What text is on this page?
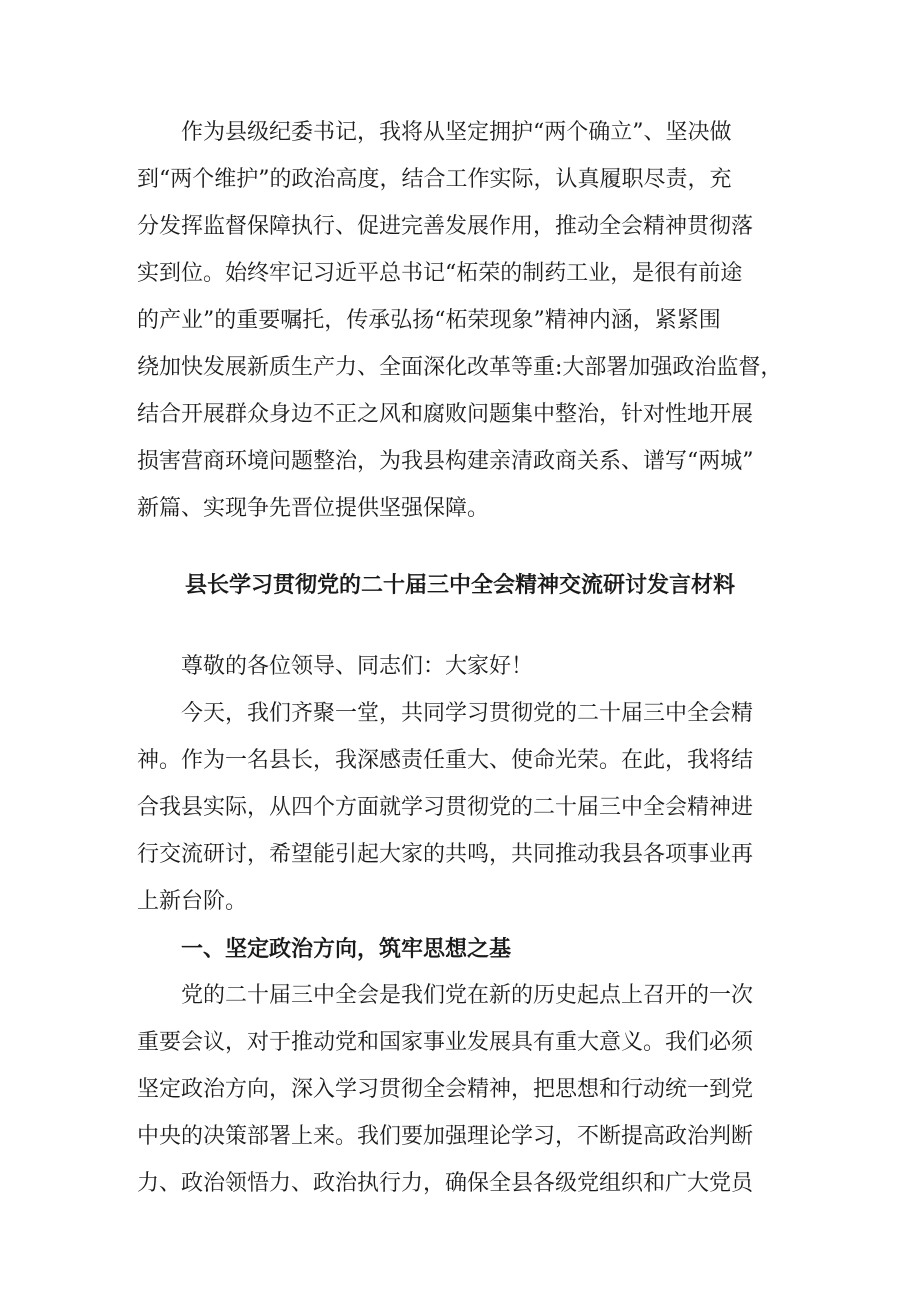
作为县级纪委书记，我将从坚定拥护“两个确立”、坚决做
到“两个维护”的政治高度，结合工作实际，认真履职尽责，充
分发挥监督保障执行、促进完善发展作用，推动全会精神贯彻落
实到位。始终牢记习近平总书记“柘荣的制药工业，是很有前途
的产业”的重要嘱托，传承弘扬“柘荣现象”精神内涵，紧紧围
绕加快发展新质生产力、全面深化改革等重:大部署加强政治监督，
结合开展群众身边不正之风和腐败问题集中整治，针对性地开展
损害营商环境问题整治，为我县构建亲清政商关系、谱写“两城”
新篇、实现争先晋位提供坚强保障。
县长学习贯彻党的二十届三中全会精神交流研讨发言材料
尊敬的各位领导、同志们：大家好！
今天，我们齐聚一堂，共同学习贯彻党的二十届三中全会精
神。作为一名县长，我深感责任重大、使命光荣。在此，我将结
合我县实际，从四个方面就学习贯彻党的二十届三中全会精神进
行交流研讨，希望能引起大家的共鸣，共同推动我县各项事业再
上新台阶。
一、坚定政治方向，筑牢思想之基
党的二十届三中全会是我们党在新的历史起点上召开的一次
重要会议，对于推动党和国家事业发展具有重大意义。我们必须
坚定政治方向，深入学习贯彻全会精神，把思想和行动统一到党
中央的决策部署上来。我们要加强理论学习，不断提高政治判断
力、政治领悟力、政治执行力，确保全县各级党组织和广大党员
